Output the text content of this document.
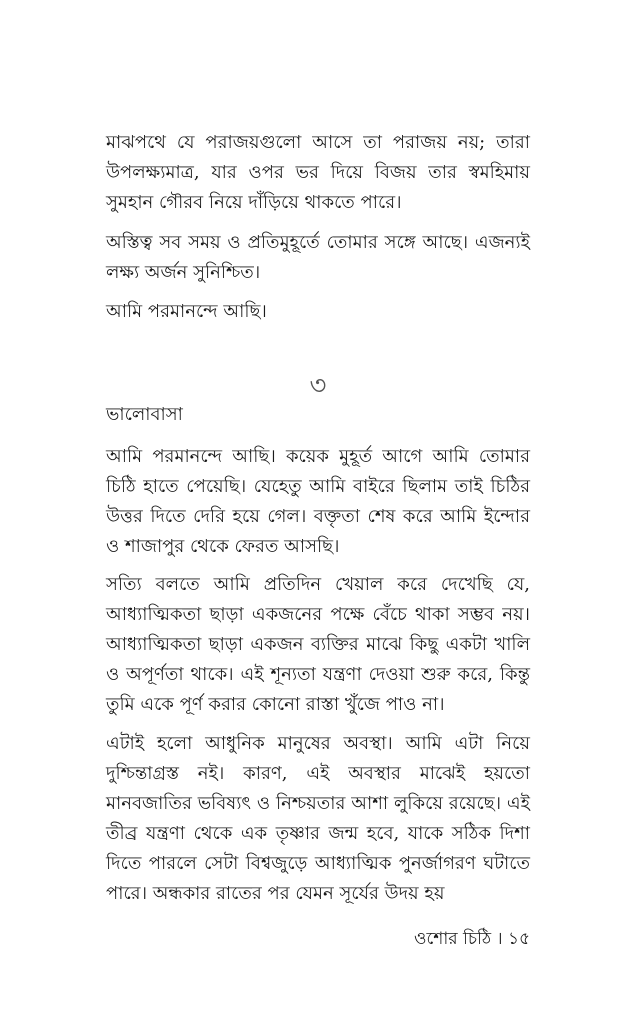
মাঝপথে যে পরাজয়গুলো আসে তা পরাজয় নয়; তারা উপলক্ষ্যমাত্র, যার ওপর ভর দিয়ে বিজয় তার স্বমহিমায় সুমহান গৌরব নিয়ে দাঁড়িয়ে থাকতে পারে।

অস্তিত্ব সব সময় ও প্রতিমুহূর্তে তোমার সঙ্গে আছে। এজন্যই লক্ষ্য অর্জন সুনিশ্চিত।

আমি পরমানন্দে আছি।

৩
ভালোবাসা

আমি পরমানন্দে আছি। কয়েক মুহূর্ত আগে আমি তোমার চিঠি হাতে পেয়েছি। যেহেতু আমি বাইরে ছিলাম তাই চিঠির উত্তর দিতে দেরি হয়ে গেল। বক্তৃতা শেষ করে আমি ইন্দোর ও শাজাপুর থেকে ফেরত আসছি।

সত্যি বলতে আমি প্রতিদিন খেয়াল করে দেখেছি যে, আধ্যাত্মিকতা ছাড়া একজনের পক্ষে বেঁচে থাকা সম্ভব নয়। আধ্যাত্মিকতা ছাড়া একজন ব্যক্তির মাঝে কিছু একটা খালি ও অপূর্ণতা থাকে। এই শূন্যতা যন্ত্রণা দেওয়া শুরু করে, কিন্তু তুমি একে পূর্ণ করার কোনো রাস্তা খুঁজে পাও না।

এটাই হলো আধুনিক মানুষের অবস্থা। আমি এটা নিয়ে দুশ্চিন্তাগ্রস্ত নই। কারণ, এই অবস্থার মাঝেই হয়তো মানবজাতির ভবিষ্যৎ ও নিশ্চয়তার আশা লুকিয়ে রয়েছে। এই তীব্র যন্ত্রণা থেকে এক তৃষ্ণার জন্ম হবে, যাকে সঠিক দিশা দিতে পারলে সেটা বিশ্বজুড়ে আধ্যাত্মিক পুনর্জাগরণ ঘটাতে পারে। অন্ধকার রাতের পর যেমন সূর্যের উদয় হয়

ওশোর চিঠি । ১৫
